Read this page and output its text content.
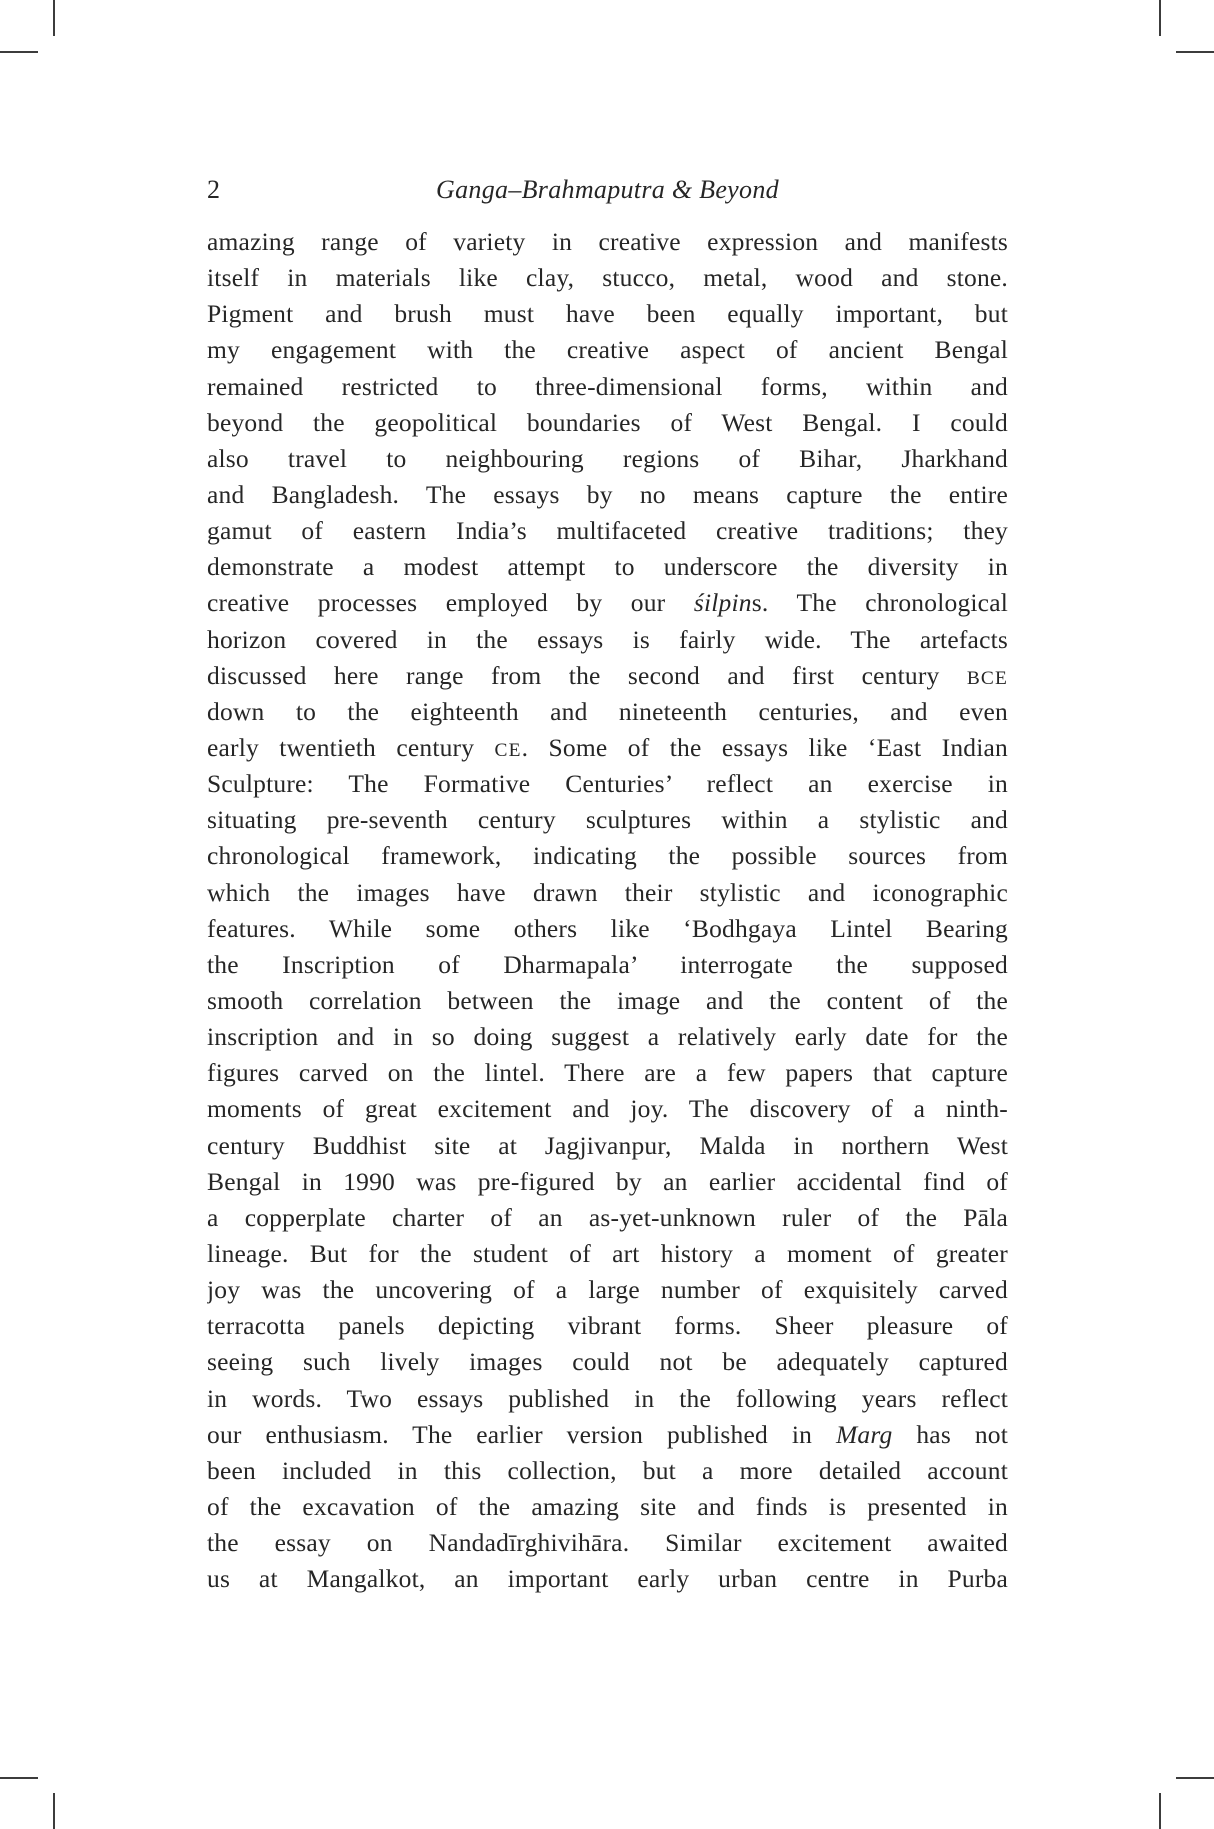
2	Ganga–Brahmaputra & Beyond
amazing range of variety in creative expression and manifests
itself in materials like clay, stucco, metal, wood and stone.
Pigment and brush must have been equally important, but
my engagement with the creative aspect of ancient Bengal
remained restricted to three-dimensional forms, within and
beyond the geopolitical boundaries of West Bengal. I could
also travel to neighbouring regions of Bihar, Jharkhand
and Bangladesh. The essays by no means capture the entire
gamut of eastern India’s multifaceted creative traditions; they
demonstrate a modest attempt to underscore the diversity in
creative processes employed by our śilpins. The chronological
horizon covered in the essays is fairly wide. The artefacts
discussed here range from the second and first century BCE
down to the eighteenth and nineteenth centuries, and even
early twentieth century CE. Some of the essays like ‘East Indian
Sculpture: The Formative Centuries’ reflect an exercise in
situating pre-seventh century sculptures within a stylistic and
chronological framework, indicating the possible sources from
which the images have drawn their stylistic and iconographic
features. While some others like ‘Bodhgaya Lintel Bearing
the Inscription of Dharmapala’ interrogate the supposed
smooth correlation between the image and the content of the
inscription and in so doing suggest a relatively early date for the
figures carved on the lintel. There are a few papers that capture
moments of great excitement and joy. The discovery of a ninth-
century Buddhist site at Jagjivanpur, Malda in northern West
Bengal in 1990 was pre-figured by an earlier accidental find of
a copperplate charter of an as-yet-unknown ruler of the Pāla
lineage. But for the student of art history a moment of greater
joy was the uncovering of a large number of exquisitely carved
terracotta panels depicting vibrant forms. Sheer pleasure of
seeing such lively images could not be adequately captured
in words. Two essays published in the following years reflect
our enthusiasm. The earlier version published in Marg has not
been included in this collection, but a more detailed account
of the excavation of the amazing site and finds is presented in
the essay on Nandadīrghivihāra. Similar excitement awaited
us at Mangalkot, an important early urban centre in Purba
